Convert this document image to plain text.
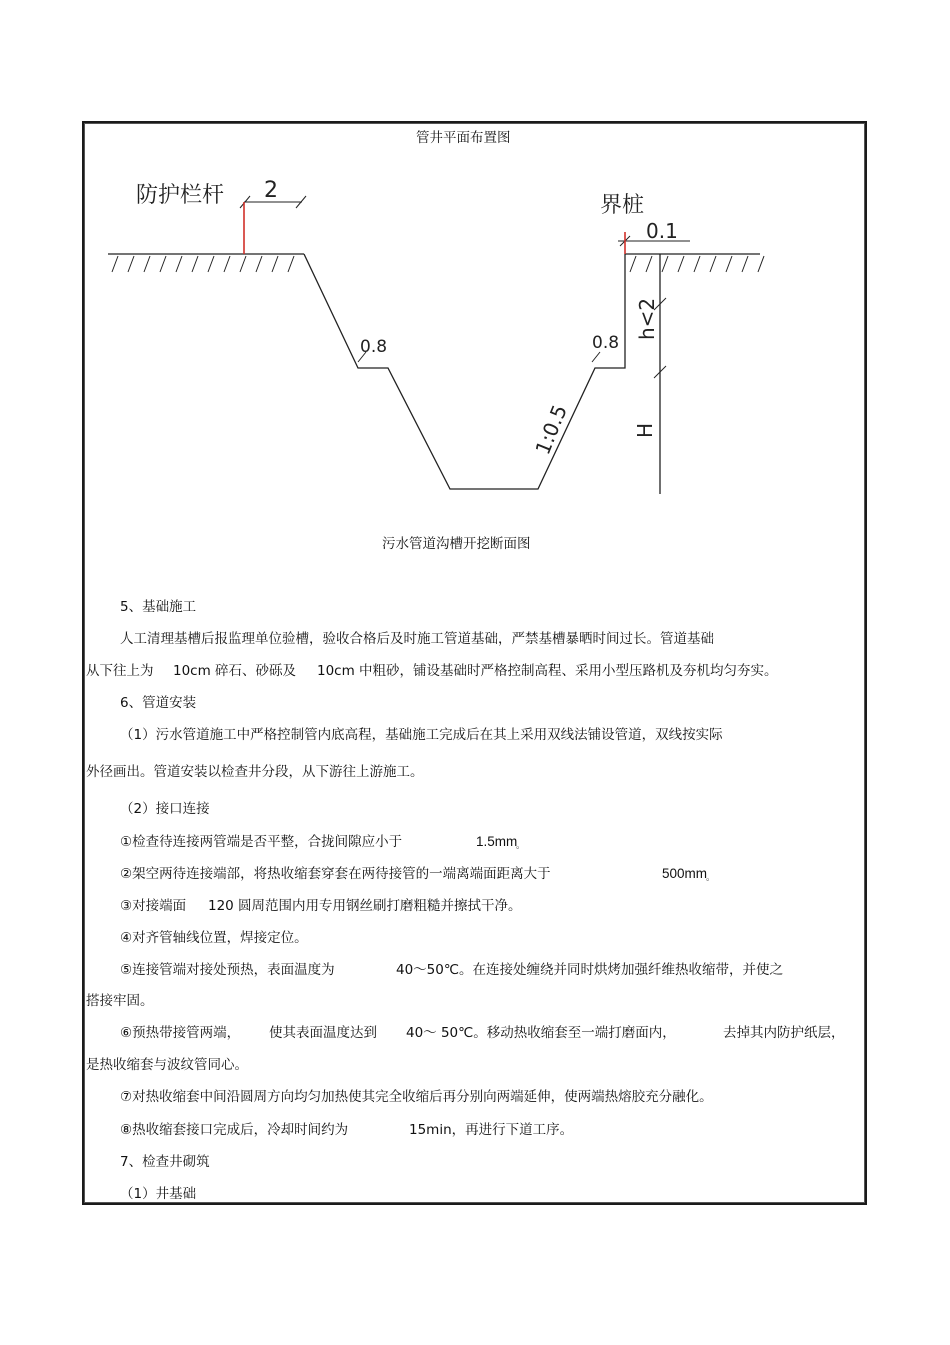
管井平面布置图
防护栏杆 2
界桩
0.1
0.8	0.8
1:0.5
h<2
H
污水管道沟槽开挖断面图
5、基础施工
人工清理基槽后报监理单位验槽，验收合格后及时施工管道基础，严禁基槽暴晒时间过长。管道基础
从下往上为 10cm 碎石、砂砾及 10cm 中粗砂，铺设基础时严格控制高程、采用小型压路机及夯机均匀夯实。
6、管道安装
（1）污水管道施工中严格控制管内底高程，基础施工完成后在其上采用双线法铺设管道，双线按实际
外径画出。管道安装以检查井分段，从下游往上游施工。
（2）接口连接
①检查待连接两管端是否平整，合拢间隙应小于	1.5mm
。
②架空两待连接端部，将热收缩套穿套在两待接管的一端离端面距离大于	500mm
。
③对接端面 120 圆周范围内用专用钢丝刷打磨粗糙并擦拭干净。
④对齐管轴线位置，焊接定位。
⑤连接管端对接处预热，表面温度为	40～50℃。在连接处缠绕并同时烘烤加强纤维热收缩带，并使之
搭接牢固。
⑥预热带接管两端， 使其表面温度达到 40～ 50℃。移动热收缩套至一端打磨面内，	去掉其内防护纸层，
是热收缩套与波纹管同心。
⑦对热收缩套中间沿圆周方向均匀加热使其完全收缩后再分别向两端延伸，使两端热熔胶充分融化。
⑧热收缩套接口完成后，冷却时间约为	15min，再进行下道工序。
7、检查井砌筑
（1）井基础
